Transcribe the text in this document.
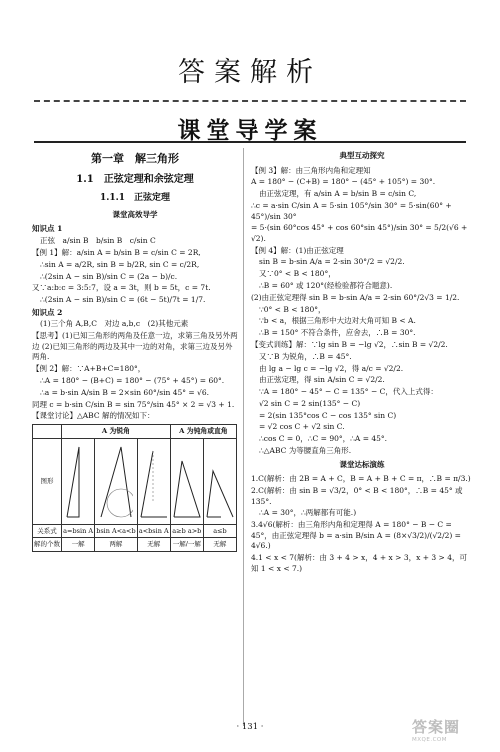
答案解析
课堂导学案
第一章　解三角形
1.1　正弦定理和余弦定理
1.1.1　正弦定理
课堂高效导学
知识点 1

正弦　a/sin B　b/sin B　c/sin C

【例 1】解：a/sin A = b/sin B = c/sin C = 2R,

∴sin A = a/2R, sin B = b/2R, sin C = c/2R,

∴(2sin A − sin B)/sin C = (2a − b)/c.

又∵a:b:c = 3:5:7，设 a = 3t，则 b = 5t，c = 7t.

∴(2sin A − sin B)/sin C = (6t − 5t)/7t = 1/7.

知识点 2

(1)三个角 A,B,C　对边 a,b,c　(2)其他元素

【思考】(1)已知三角形的两角及任意一边，求第三角及另外两边 (2)已知三角形的两边及其中一边的对角，求第三边及另外两角.

【例 2】解：∵A+B+C=180°，

∴A = 180° − (B+C) = 180° − (75° + 45°) = 60°.

∴a = b·sin A/sin B = 2×sin 60°/sin 45° = √6.

同理 c = b·sin C/sin B = sin 75°/sin 45° × 2 = √3 + 1.

【课堂讨论】△ABC 解的情况如下：

	A 为锐角			A 为钝角或直角	
图形	

关系式	a=bsin A	bsin A<a<b	a<bsin A	a≥b a>b	a≤b
解的个数	一解	两解	无解	一解/一解	无解
典型互动探究

【例 3】解：由三角形内角和定理知

A = 180° − (C+B) = 180° − (45° + 105°) = 30°.

由正弦定理，有 a/sin A = b/sin B = c/sin C,

∴c = a·sin C/sin A = 5·sin 105°/sin 30° = 5·sin(60° + 45°)/sin 30°

= 5·(sin 60°cos 45° + cos 60°sin 45°)/sin 30° = 5/2(√6 + √2).

【例 4】解：(1)由正弦定理

sin B = b·sin A/a = 2·sin 30°/2 = √2/2.

又∵0° < B < 180°，

∴B = 60° 或 120°(经检验都符合题意).

(2)由正弦定理得 sin B = b·sin A/a = 2·sin 60°/2√3 = 1/2.

∵0° < B < 180°，

∵b < a，根据三角形中大边对大角可知 B < A.

∴B = 150° 不符合条件，应舍去，∴B = 30°.

【变式训练】解：∵lg sin B = −lg √2，∴sin B = √2/2.

又∵B 为锐角，∴B = 45°.

由 lg a − lg c = −lg √2，得 a/c = √2/2.

由正弦定理，得 sin A/sin C = √2/2.

∵A = 180° − 45° − C = 135° − C，代入上式得：

√2 sin C = 2 sin(135° − C)

= 2(sin 135°cos C − cos 135° sin C)

= √2 cos C + √2 sin C.

∴cos C = 0，∴C = 90°，∴A = 45°.

∴△ABC 为等腰直角三角形.

课堂达标演练

1.C(解析：由 2B = A + C，B = A + B + C = π，∴B = π/3.)

2.C(解析：由 sin B = √3/2，0° < B < 180°，∴B = 45° 或 135°.

∴A = 30°，∴两解都有可能.)

3.4√6(解析：由三角形内角和定理得 A = 180° − B − C = 45°，由正弦定理得 b = a·sin B/sin A = (8×√3/2)/(√2/2) = 4√6.)

4.1 < x < 7(解析：由 3 + 4 > x，4 + x > 3，x + 3 > 4，可知 1 < x < 7.)

· 131 ·	答案圈
MXQE.COM
